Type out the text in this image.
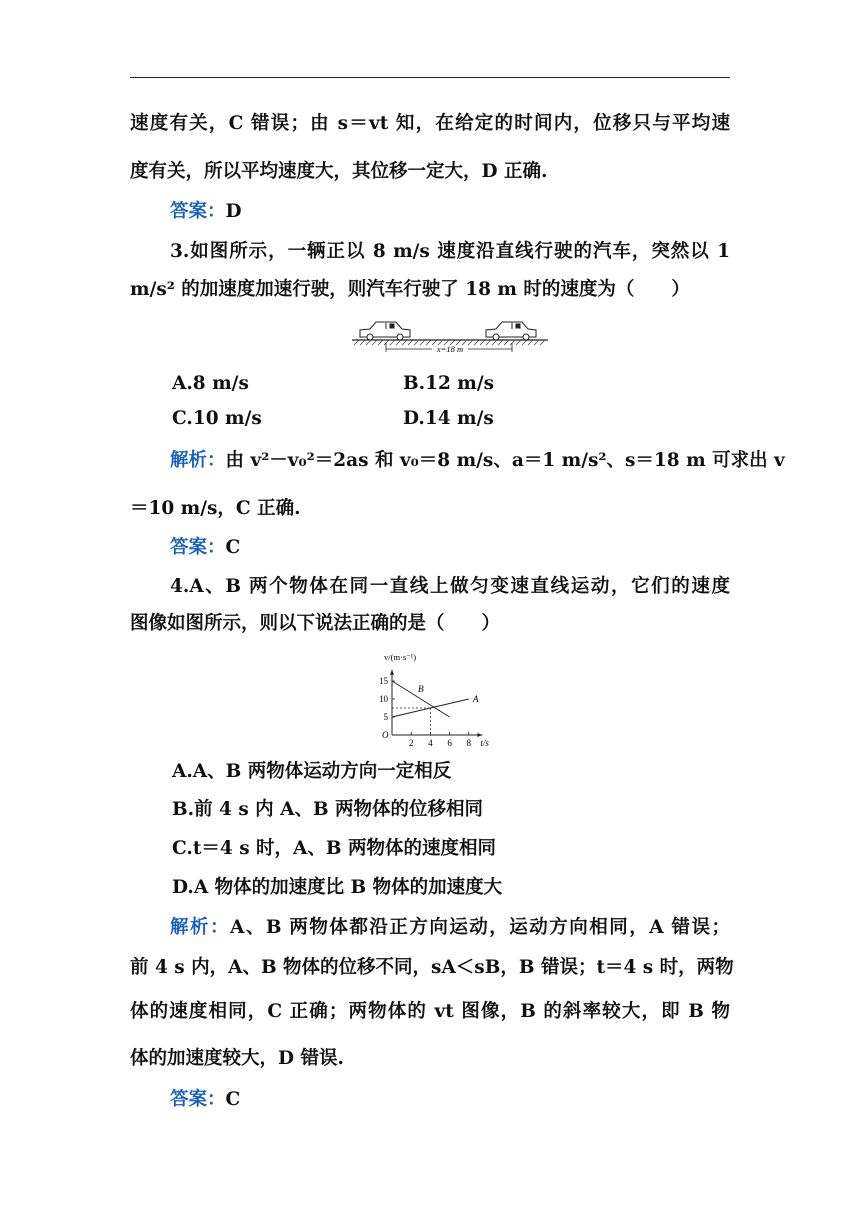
速度有关，C 错误；由 s＝vt 知，在给定的时间内，位移只与平均速
度有关，所以平均速度大，其位移一定大，D 正确.
答案：D
3.如图所示，一辆正以 8 m/s 速度沿直线行驶的汽车，突然以 1
m/s² 的加速度加速行驶，则汽车行驶了 18 m 时的速度为（　　）
x=18 m
A.8 m/s	B.12 m/s
C.10 m/s	D.14 m/s
解析：由 v²－v₀²＝2as 和 v₀＝8 m/s、a＝1 m/s²、s＝18 m 可求出 v
＝10 m/s，C 正确.
答案：C
4.A、B 两个物体在同一直线上做匀变速直线运动，它们的速度
图像如图所示，则以下说法正确的是（　　）
2 4 6 8
5
10
15
A
B
v/(m·s⁻¹)
t/s
O
A.A、B 两物体运动方向一定相反
B.前 4 s 内 A、B 两物体的位移相同
C.t＝4 s 时，A、B 两物体的速度相同
D.A 物体的加速度比 B 物体的加速度大
解析：A、B 两物体都沿正方向运动，运动方向相同，A 错误；
前 4 s 内，A、B 物体的位移不同，sA＜sB，B 错误；t＝4 s 时，两物
体的速度相同，C 正确；两物体的 vt 图像，B 的斜率较大，即 B 物
体的加速度较大，D 错误.
答案：C
